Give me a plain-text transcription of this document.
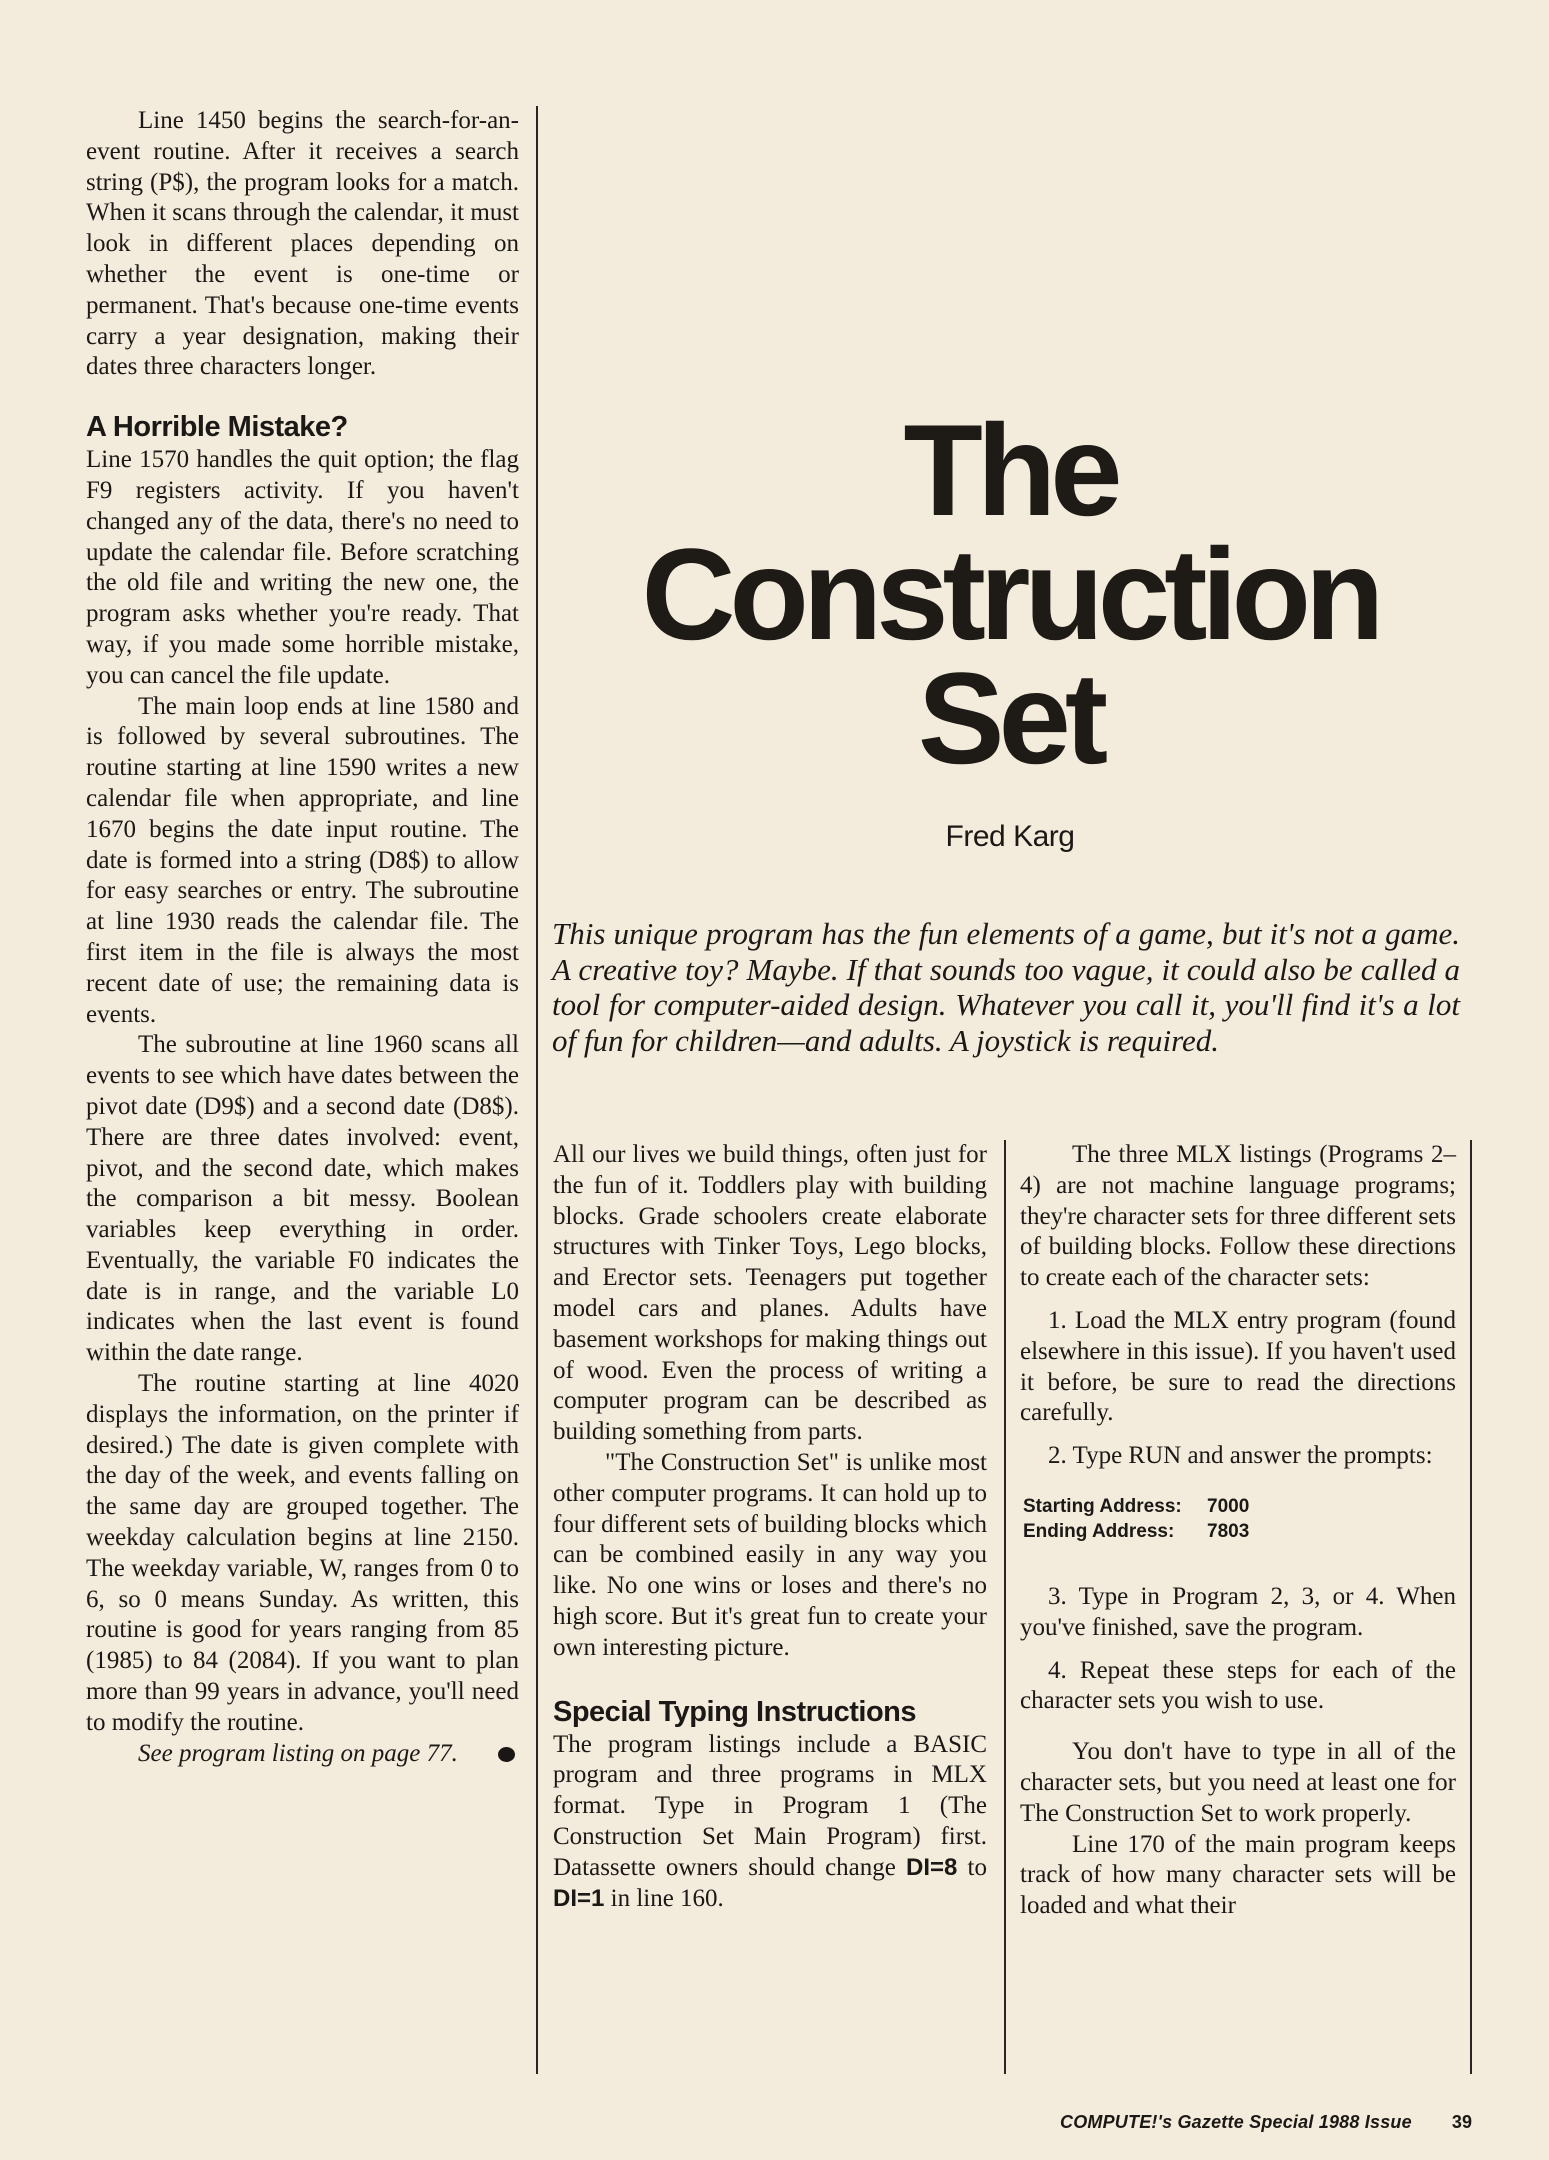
Line 1450 begins the search-for-an-event routine. After it receives a search string (P$), the program looks for a match. When it scans through the calendar, it must look in different places depending on whether the event is one-time or permanent. That's because one-time events carry a year designation, making their dates three characters longer.

A Horrible Mistake?

Line 1570 handles the quit option; the flag F9 registers activity. If you haven't changed any of the data, there's no need to update the calendar file. Before scratching the old file and writing the new one, the program asks whether you're ready. That way, if you made some horrible mistake, you can cancel the file update.

The main loop ends at line 1580 and is followed by several subroutines. The routine starting at line 1590 writes a new calendar file when appropriate, and line 1670 begins the date input routine. The date is formed into a string (D8$) to allow for easy searches or entry. The subroutine at line 1930 reads the calendar file. The first item in the file is always the most recent date of use; the remaining data is events.

The subroutine at line 1960 scans all events to see which have dates between the pivot date (D9$) and a second date (D8$). There are three dates involved: event, pivot, and the second date, which makes the comparison a bit messy. Boolean variables keep everything in order. Eventually, the variable F0 indicates the date is in range, and the variable L0 indicates when the last event is found within the date range.

The routine starting at line 4020 displays the information, on the printer if desired.) The date is given complete with the day of the week, and events falling on the same day are grouped together. The weekday calculation begins at line 2150. The weekday variable, W, ranges from 0 to 6, so 0 means Sunday. As written, this routine is good for years ranging from 85 (1985) to 84 (2084). If you want to plan more than 99 years in advance, you'll need to modify the routine.

See program listing on page 77.

The
Construction
Set
Fred Karg

This unique program has the fun elements of a game, but it's not a game. A creative toy? Maybe. If that sounds too vague, it could also be called a tool for computer-aided design. Whatever you call it, you'll find it's a lot of fun for children—and adults. A joystick is required.

All our lives we build things, often just for the fun of it. Toddlers play with building blocks. Grade schoolers create elaborate structures with Tinker Toys, Lego blocks, and Erector sets. Teenagers put together model cars and planes. Adults have basement workshops for making things out of wood. Even the process of writing a computer program can be described as building something from parts.

"The Construction Set" is unlike most other computer programs. It can hold up to four different sets of building blocks which can be combined easily in any way you like. No one wins or loses and there's no high score. But it's great fun to create your own interesting picture.

Special Typing Instructions

The program listings include a BASIC program and three programs in MLX format. Type in Program 1 (The Construction Set Main Program) first. Datassette owners should change DI=8 to DI=1 in line 160.

The three MLX listings (Programs 2–4) are not machine language programs; they're character sets for three different sets of building blocks. Follow these directions to create each of the character sets:

1. Load the MLX entry program (found elsewhere in this issue). If you haven't used it before, be sure to read the directions carefully.

2. Type RUN and answer the prompts:

Starting Address:	7000
Ending Address:	7803

3. Type in Program 2, 3, or 4. When you've finished, save the program.

4. Repeat these steps for each of the character sets you wish to use.

You don't have to type in all of the character sets, but you need at least one for The Construction Set to work properly.

Line 170 of the main program keeps track of how many character sets will be loaded and what their

COMPUTE!'s Gazette Special 1988 Issue 39
